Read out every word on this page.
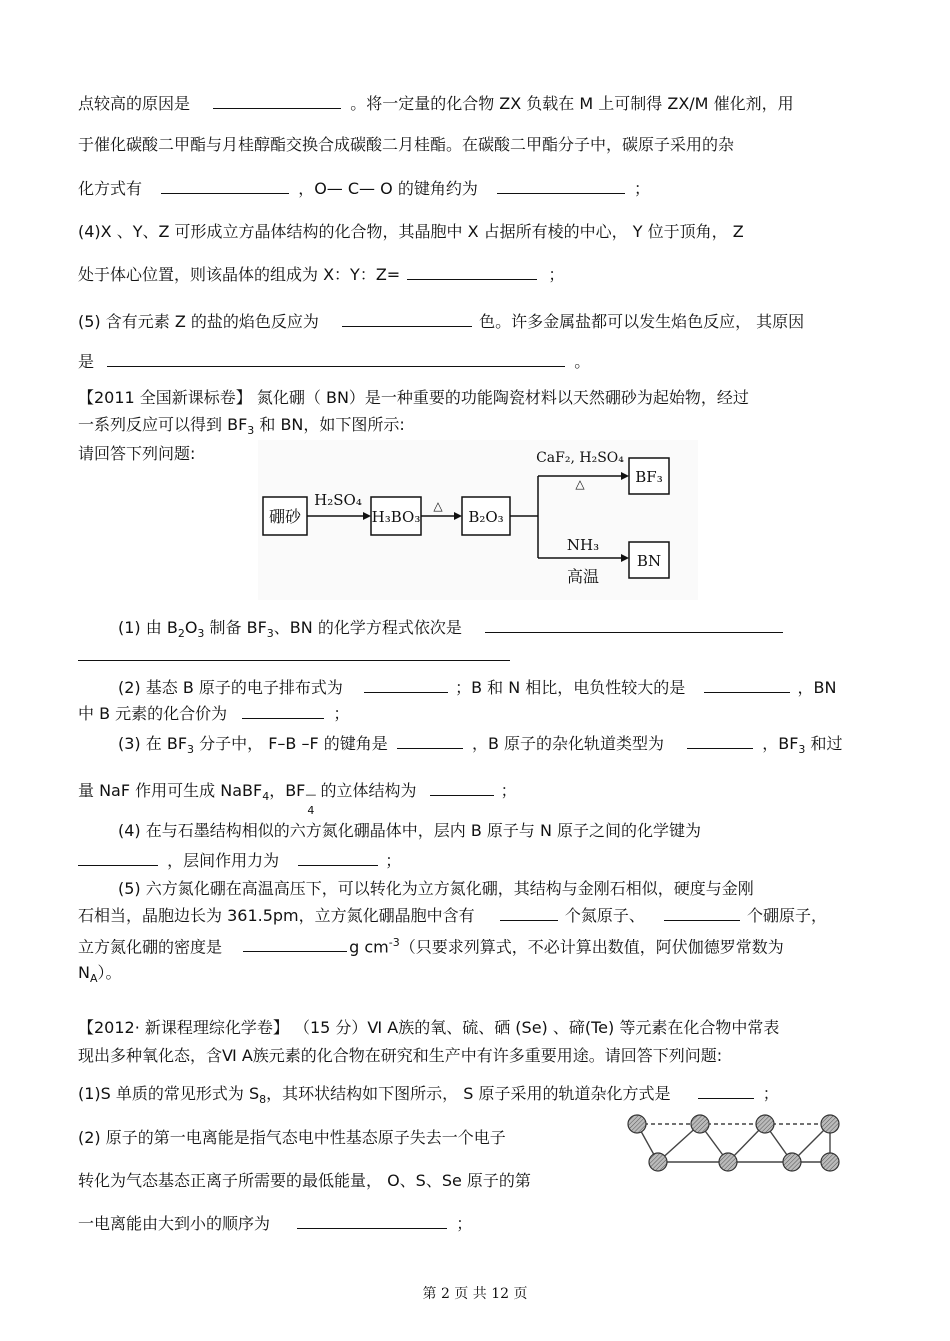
点较高的原因是	。将一定量的化合物 ZX 负载在 M 上可制得 ZX/M 催化剂，用
于催化碳酸二甲酯与月桂醇酯交换合成碳酸二月桂酯。在碳酸二甲酯分子中，碳原子采用的杂
化方式有	，O— C— O 的键角约为	；
(4)X 、Y、Z 可形成立方晶体结构的化合物，其晶胞中 X 占据所有棱的中心， Y 位于顶角， Z
处于体心位置，则该晶体的组成为 X：Y：Z=	；
(5) 含有元素 Z 的盐的焰色反应为	色。许多金属盐都可以发生焰色反应， 其原因
是	。
【2011 全国新课标卷】 氮化硼（ BN）是一种重要的功能陶瓷材料以天然硼砂为起始物，经过
一系列反应可以得到 $BF_3$ 和 BN，如下图所示:
请回答下列问题:
硼砂
H₂SO₄
H₃BO₃
△
B₂O₃
CaF₂, H₂SO₄
△	BF₃
NH₃
高温
BN
(1) 由 $B_2O_3$ 制备 $BF_3$、BN 的化学方程式依次是
(2) 基态 B 原子的电子排布式为	；B 和 N 相比，电负性较大的是	，BN
中 B 元素的化合价为	；
(3) 在 $BF_3$ 分子中， F–B –F 的键角是	，B 原子的杂化轨道类型为	，$BF_3$ 和过
量 NaF 作用可生成 NaBF$_4$，BF —
4
的立体结构为	；
(4) 在与石墨结构相似的六方氮化硼晶体中，层内 B 原子与 N 原子之间的化学键为
，层间作用力为	；
(5) 六方氮化硼在高温高压下，可以转化为立方氮化硼，其结构与金刚石相似，硬度与金刚
石相当，晶胞边长为 361.5pm，立方氮化硼晶胞中含有	个氮原子、	个硼原子，
立方氮化硼的密度是	g $cm^{-3}$（只要求列算式，不必计算出数值，阿伏伽德罗常数为
$N_A$）。
【2012· 新课程理综化学卷】 （15 分）Ⅵ A族的氧、硫、硒 (Se) 、碲(Te) 等元素在化合物中常表
现出多种氧化态，含Ⅵ A族元素的化合物在研究和生产中有许多重要用途。请回答下列问题:
(1)S 单质的常见形式为 $S_8$，其环状结构如下图所示， S 原子采用的轨道杂化方式是	；
(2) 原子的第一电离能是指气态电中性基态原子失去一个电子
转化为气态基态正离子所需要的最低能量， O、S、Se 原子的第
一电离能由大到小的顺序为	；
第 2 页 共 12 页
